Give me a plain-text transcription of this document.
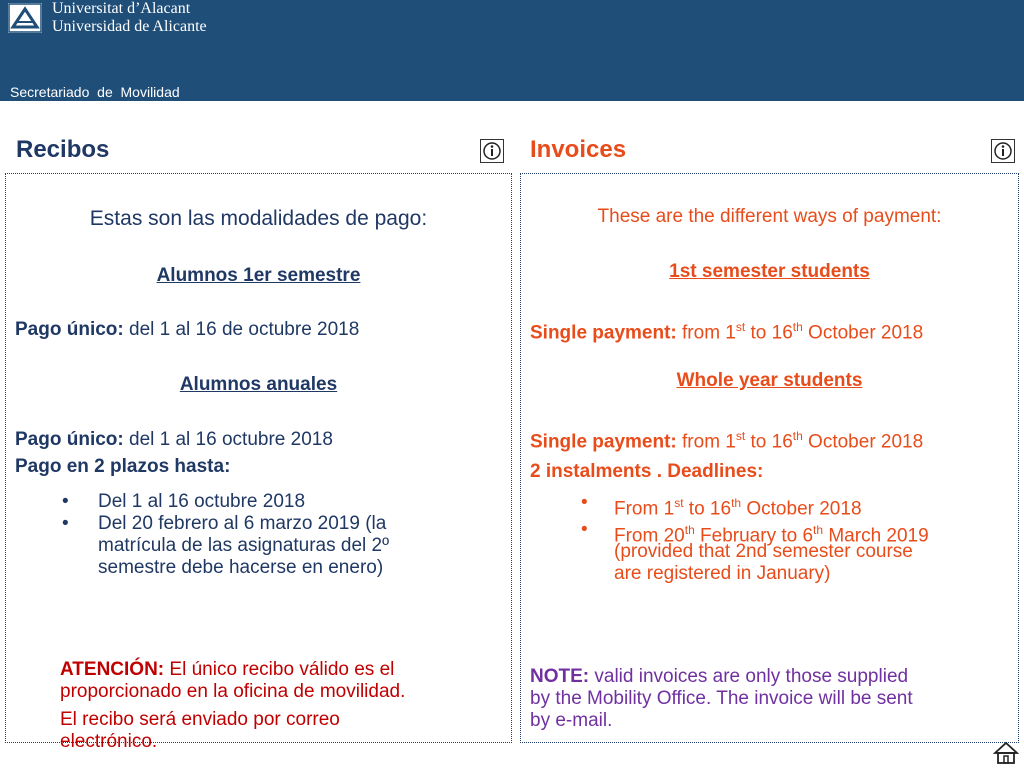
Universitat d’Alacant
Universidad de Alicante
Secretariado  de  Movilidad
Recibos	Invoices

Estas son las modalidades de pago:

Alumnos 1er semestre

Pago único: del 1 al 16 de octubre 2018

Alumnos anuales

Pago único: del 1 al 16 octubre 2018

Pago en 2 plazos hasta:

• Del 1 al 16 octubre 2018

• Del 20 febrero al 6 marzo 2019 (la

matrícula de las asignaturas del 2º

semestre debe hacerse en enero)

ATENCIÓN: El único recibo válido es el

proporcionado en la oficina de movilidad.

El recibo será enviado por correo

electrónico.

These are the different ways of payment:

1st semester students

Single payment: from 1st to 16th October 2018

Whole year students

Single payment: from 1st to 16th October 2018

2 instalments . Deadlines:

• From 1st to 16th October 2018

• From 20th February to 6th March 2019

(provided that 2nd semester course

are registered in January)

NOTE: valid invoices are only those supplied

by the Mobility Office. The invoice will be sent

by e-mail.
